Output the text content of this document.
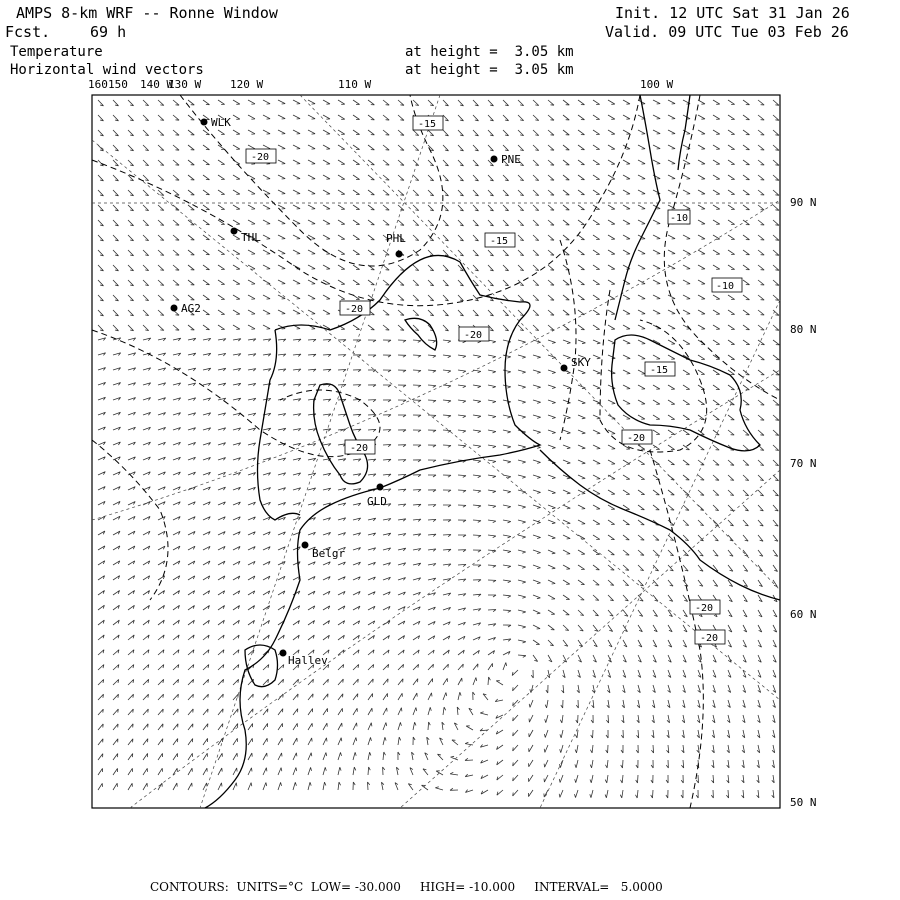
AMPS 8-km WRF -- Ronne Window
Fcst.	69 h
Temperature
Horizontal wind vectors
at height =  3.05 km
at height =  3.05 km
Init. 12 UTC Sat 31 Jan 26
Valid. 09 UTC Tue 03 Feb 26
160 150 140 W
130 W	120 W	110 W	100 W
90 N
80 N
70 N
60 N
50 N
-15
-20
-15
-10
-10
-20
-20
-20
-15
-20
-20
-20
WLK
PNE
THL	PHL
AG2
SKY
GLD
Belgr
Hallev
CONTOURS:  UNITS=°C  LOW= -30.000     HIGH= -10.000     INTERVAL=   5.0000
